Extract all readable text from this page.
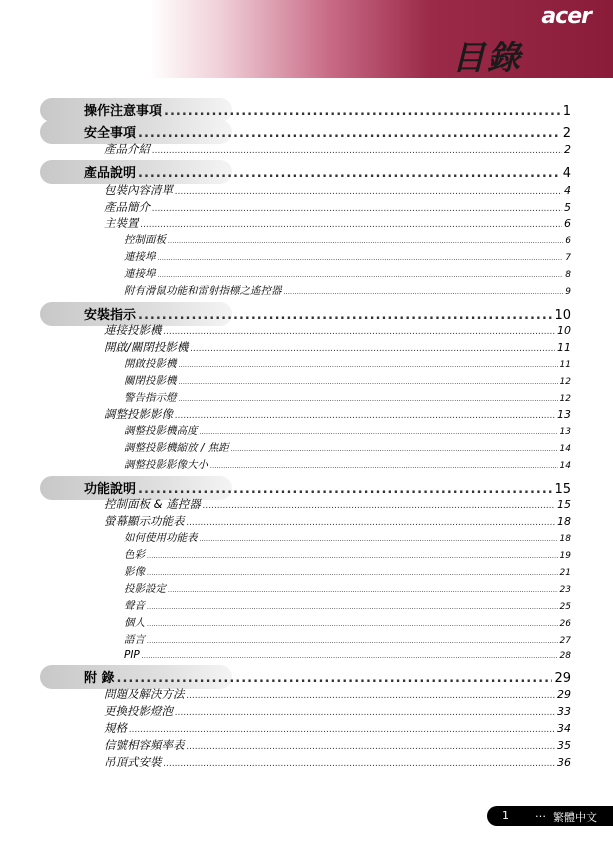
acer
目錄
操作注意事項 .....	1
安全事項 .....	2
產品介紹 .....	2
產品說明 .....	4
包裝內容清單 .....	4
產品簡介 .....	5
主裝置 .....	6
控制面板 .....	6
連接埠 .....	7
連接埠 .....	8
附有滑鼠功能和雷射指標之遙控器 .....	9
安裝指示 .....	10
連接投影機 .....	10
開啟/關閉投影機 .....	11
開啟投影機 .....	11
關閉投影機 .....	12
警告指示燈 .....	12
調整投影影像 .....	13
調整投影機高度 .....	13
調整投影機縮放 / 焦距 .....	14
調整投影影像大小 .....	14
功能說明 .....	15
控制面板 & 遙控器 .....	15
螢幕顯示功能表 .....	18
如何使用功能表 .....	18
色彩 .....	19
影像 .....	21
投影設定 .....	23
聲音 .....	25
個人 .....	26
語言 .....	27
PIP .....	28
附 錄 .....	29
問題及解決方法 .....	29
更換投影燈泡 .....	33
規格 .....	34
信號相容頻率表 .....	35
吊頂式安裝 .....	36
1 … 繁體中文
